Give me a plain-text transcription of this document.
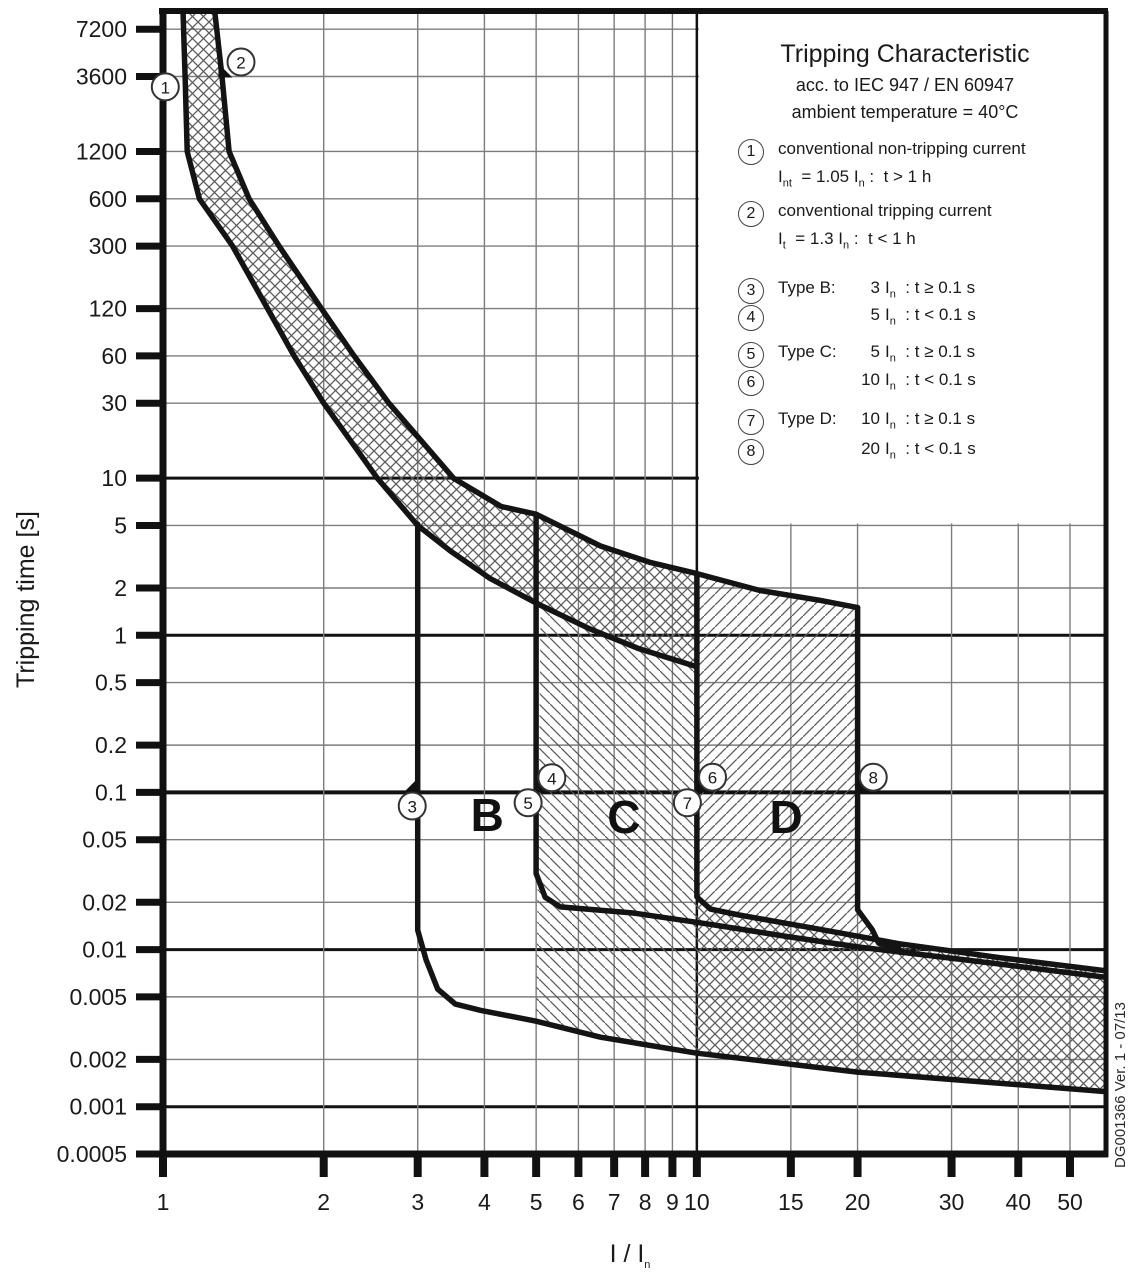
7200
3600
1200
600
300
120
60
30
10
5
2
1
0.5
0.2
0.1
0.05
0.02
0.01
0.005
0.002
0.001
0.0005
1	2	3 4 5 6 7 8 9 10	15 20	30 40 50
1
2
3
4
5
6
7
8
B C	D
Tripping Characteristic
acc. to IEC 947 / EN 60947
ambient temperature = 40°C
1	conventional non-tripping current
$I_{nt} = 1.05$ $I_n$ :  t > 1 h
2	conventional tripping current
$I_t = 1.3$ $I_n$ :  t < 1 h
3	Type B:	3 $I_n$  : t ≥ 0.1 s
4	5 $I_n$  : t < 0.1 s
5	Type C:	5 $I_n$  : t ≥ 0.1 s
6	10 $I_n$  : t < 0.1 s
7	Type D:	10 $I_n$  : t ≥ 0.1 s
8	20 $I_n$  : t < 0.1 s
Tripping time [s]
I / $I_n$
DG001366 Ver. 1 - 07/13
